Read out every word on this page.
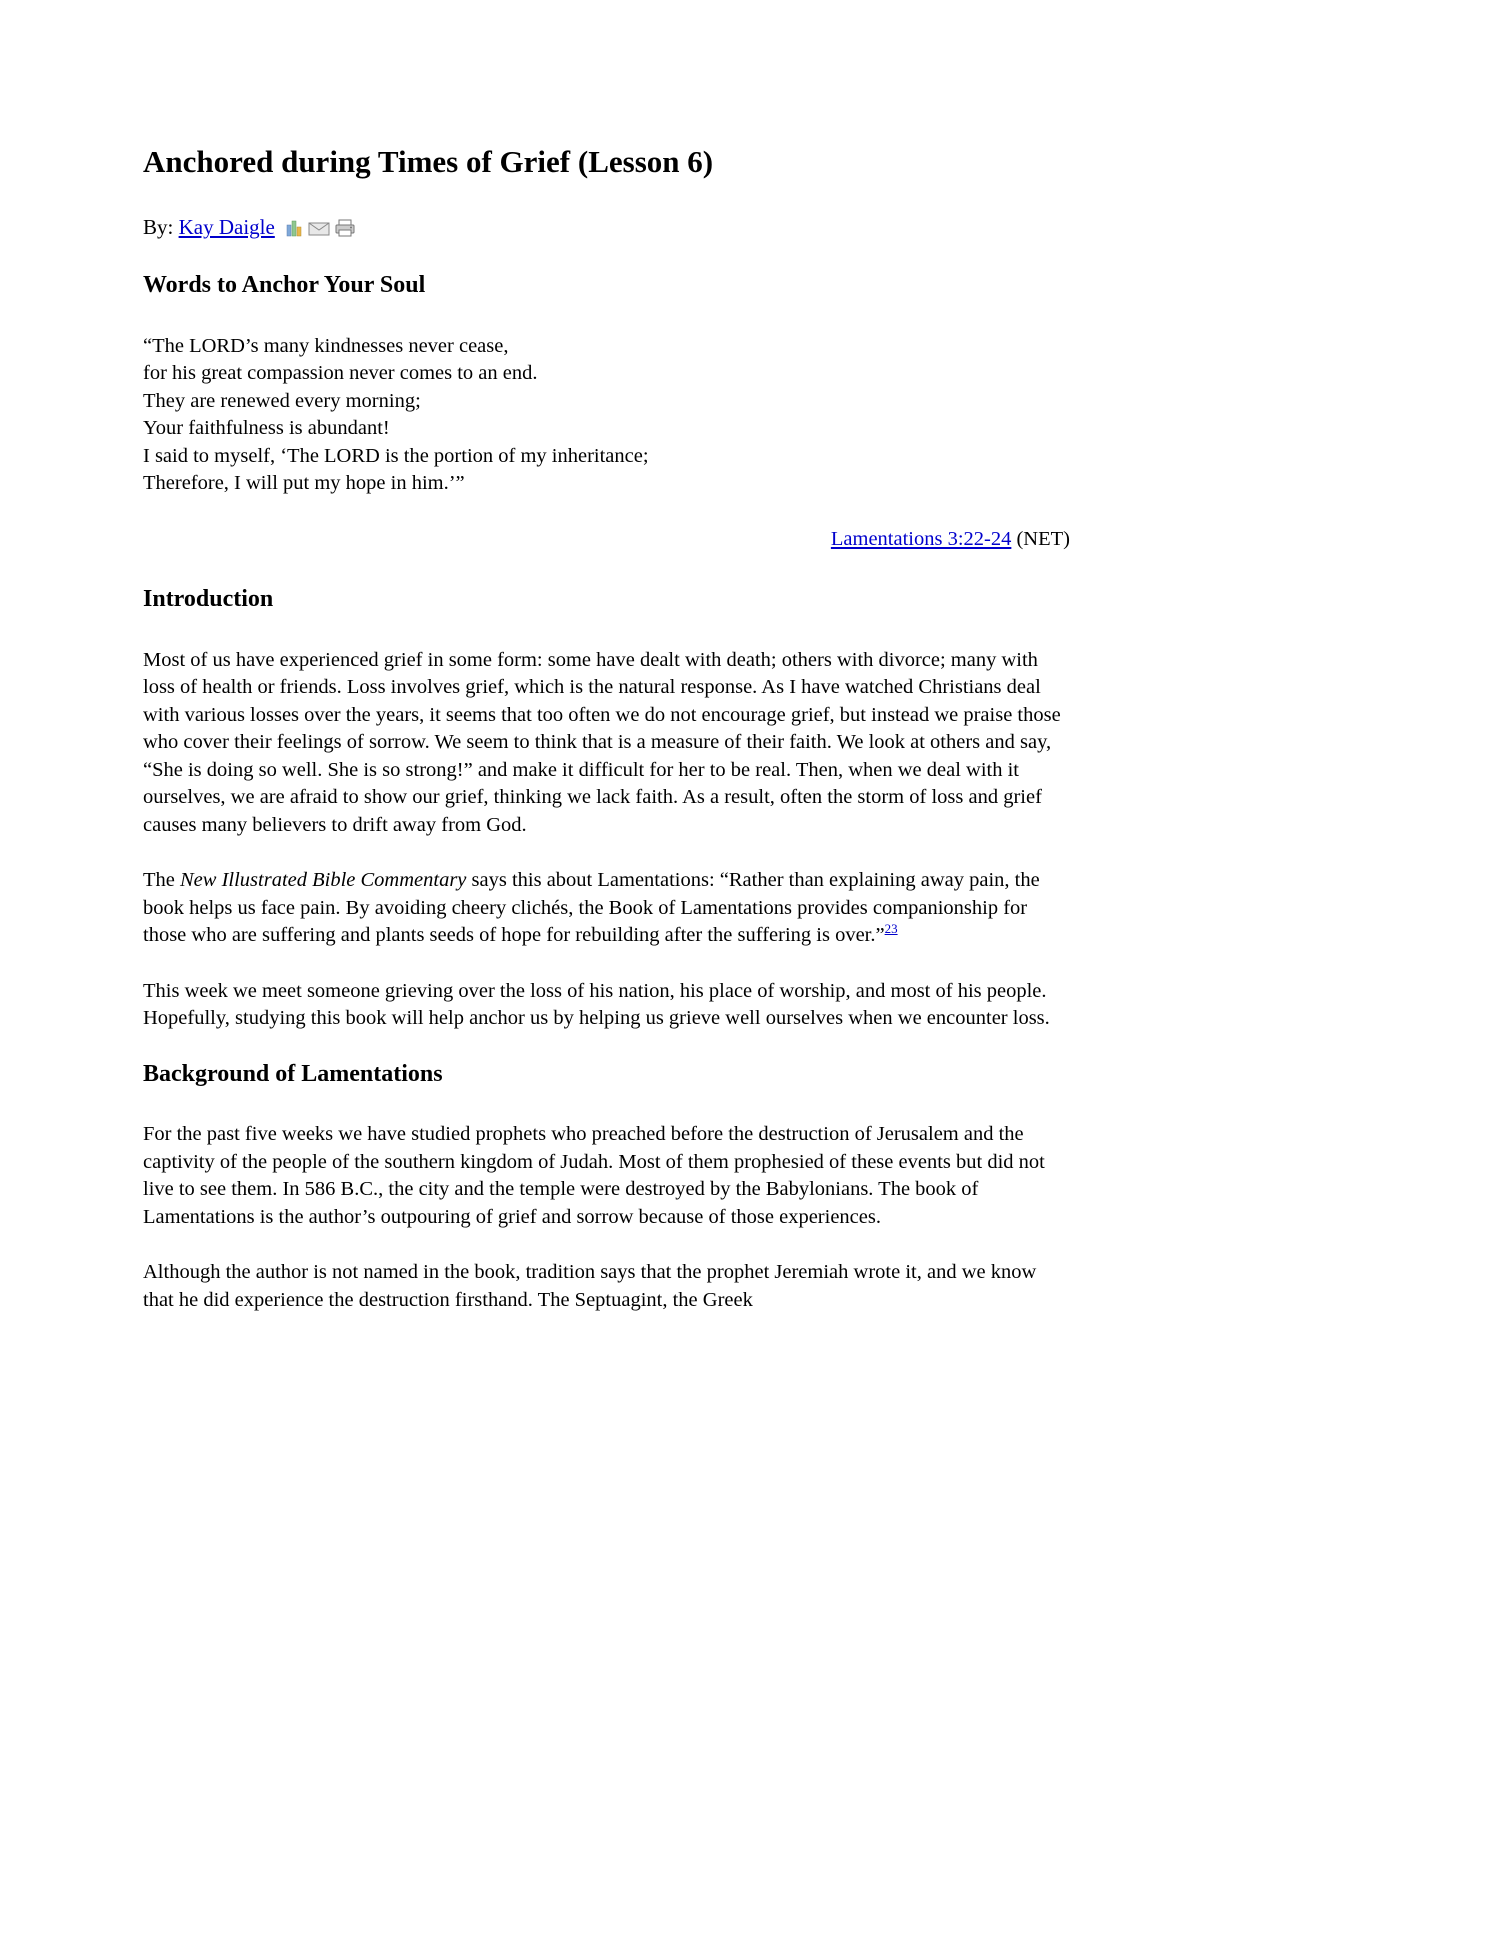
Anchored during Times of Grief (Lesson 6)
By:
Kay Daigle
Words to Anchor Your Soul
“The LORD’s many kindnesses never cease,
for his great compassion never comes to an end.
They are renewed every morning;
Your faithfulness is abundant!
I said to myself, ‘The LORD is the portion of my inheritance;
Therefore, I will put my hope in him.’”
Lamentations 3:22-24 (NET)
Introduction

Most of us have experienced grief in some form: some have dealt with death; others with divorce; many with loss of health or friends. Loss involves grief, which is the natural response. As I have watched Christians deal with various losses over the years, it seems that too often we do not encourage grief, but instead we praise those who cover their feelings of sorrow. We seem to think that is a measure of their faith. We look at others and say, “She is doing so well. She is so strong!” and make it difficult for her to be real. Then, when we deal with it ourselves, we are afraid to show our grief, thinking we lack faith. As a result, often the storm of loss and grief causes many believers to drift away from God.

The New Illustrated Bible Commentary says this about Lamentations: “Rather than explaining away pain, the book helps us face pain. By avoiding cheery clichés, the Book of Lamentations provides companionship for those who are suffering and plants seeds of hope for rebuilding after the suffering is over.”$^{23}$

This week we meet someone grieving over the loss of his nation, his place of worship, and most of his people. Hopefully, studying this book will help anchor us by helping us grieve well ourselves when we encounter loss.

Background of Lamentations

For the past five weeks we have studied prophets who preached before the destruction of Jerusalem and the captivity of the people of the southern kingdom of Judah. Most of them prophesied of these events but did not live to see them. In 586 B.C., the city and the temple were destroyed by the Babylonians. The book of Lamentations is the author’s outpouring of grief and sorrow because of those experiences.

Although the author is not named in the book, tradition says that the prophet Jeremiah wrote it, and we know that he did experience the destruction firsthand. The Septuagint, the Greek
